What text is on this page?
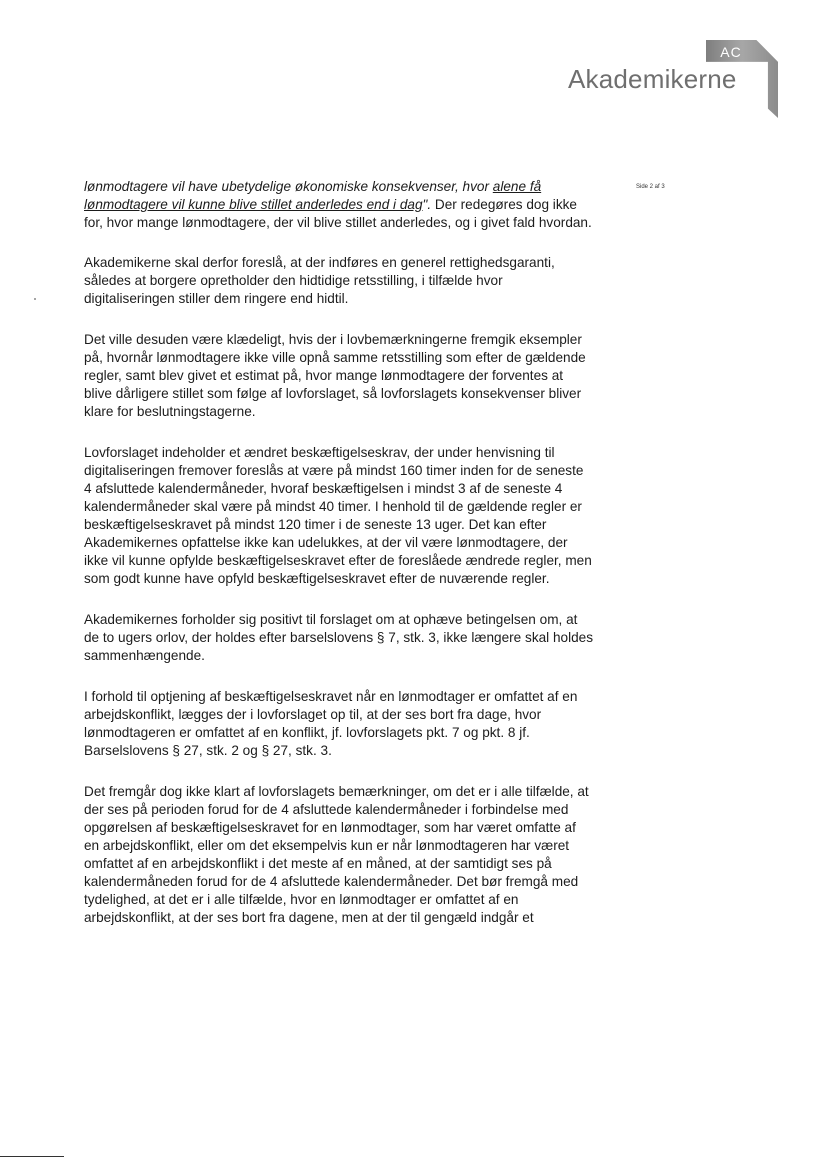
AC
Akademikerne
Side 2 af 3

lønmodtagere vil have ubetydelige økonomiske konsekvenser, hvor alene få lønmodtagere vil kunne blive stillet anderledes end i dag". Der redegøres dog ikke for, hvor mange lønmodtagere, der vil blive stillet anderledes, og i givet fald hvordan.

Akademikerne skal derfor foreslå, at der indføres en generel rettighedsgaranti, således at borgere opretholder den hidtidige retsstilling, i tilfælde hvor digitaliseringen stiller dem ringere end hidtil.

Det ville desuden være klædeligt, hvis der i lovbemærkningerne fremgik eksempler på, hvornår lønmodtagere ikke ville opnå samme retsstilling som efter de gældende regler, samt blev givet et estimat på, hvor mange lønmodtagere der forventes at blive dårligere stillet som følge af lovforslaget, så lovforslagets konsekvenser bliver klare for beslutningstagerne.

Lovforslaget indeholder et ændret beskæftigelseskrav, der under henvisning til digitaliseringen fremover foreslås at være på mindst 160 timer inden for de seneste 4 afsluttede kalendermåneder, hvoraf beskæftigelsen i mindst 3 af de seneste 4 kalendermåneder skal være på mindst 40 timer. I henhold til de gældende regler er beskæftigelseskravet på mindst 120 timer i de seneste 13 uger. Det kan efter Akademikernes opfattelse ikke kan udelukkes, at der vil være lønmodtagere, der ikke vil kunne opfylde beskæftigelseskravet efter de foreslåede ændrede regler, men som godt kunne have opfyld beskæftigelseskravet efter de nuværende regler.

Akademikernes forholder sig positivt til forslaget om at ophæve betingelsen om, at de to ugers orlov, der holdes efter barselslovens § 7, stk. 3, ikke længere skal holdes sammenhængende.

I forhold til optjening af beskæftigelseskravet når en lønmodtager er omfattet af en arbejdskonflikt, lægges der i lovforslaget op til, at der ses bort fra dage, hvor lønmodtageren er omfattet af en konflikt, jf. lovforslagets pkt. 7 og pkt. 8 jf. Barselslovens § 27, stk. 2 og § 27, stk. 3.

Det fremgår dog ikke klart af lovforslagets bemærkninger, om det er i alle tilfælde, at der ses på perioden forud for de 4 afsluttede kalendermåneder i forbindelse med opgørelsen af beskæftigelseskravet for en lønmodtager, som har været omfatte af en arbejdskonflikt, eller om det eksempelvis kun er når lønmodtageren har været omfattet af en arbejdskonflikt i det meste af en måned, at der samtidigt ses på kalendermåneden forud for de 4 afsluttede kalendermåneder. Det bør fremgå med tydelighed, at det er i alle tilfælde, hvor en lønmodtager er omfattet af en arbejdskonflikt, at der ses bort fra dagene, men at der til gengæld indgår et
